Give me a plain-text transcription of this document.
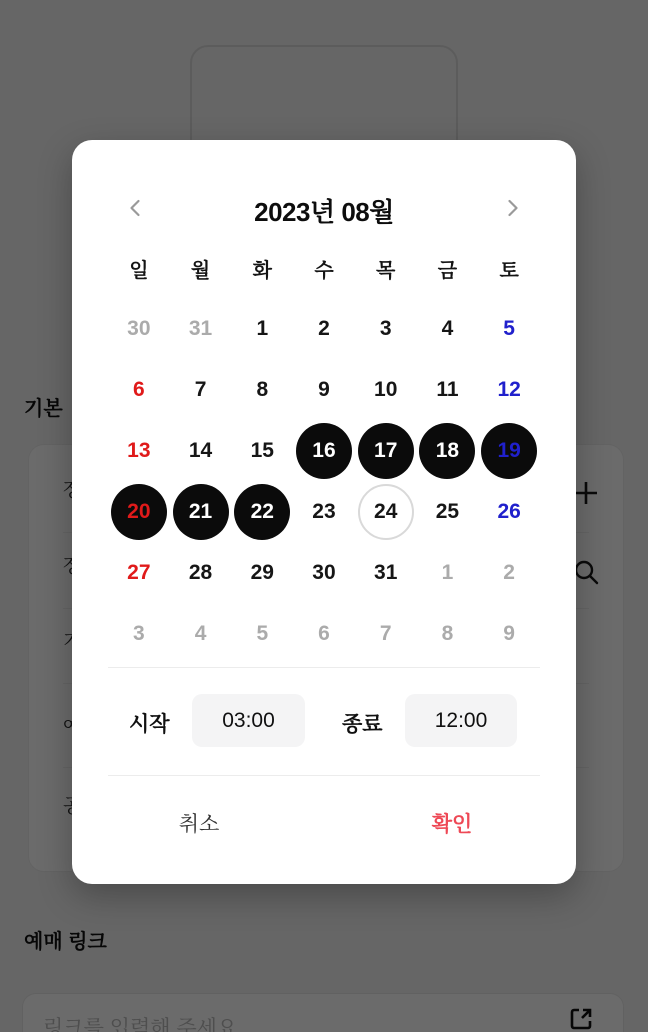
2023년 08월
일 월 화 수 목 금 토
30	31	1	2	3	4	5
6	7	8	9	10	11	12
13	14	15	16	17	18	19
20	21	22	23	24	25	26
27	28	29	30	31	1	2
3	4	5	6	7	8	9
시작	03:00	종료	12:00
취소	확인
